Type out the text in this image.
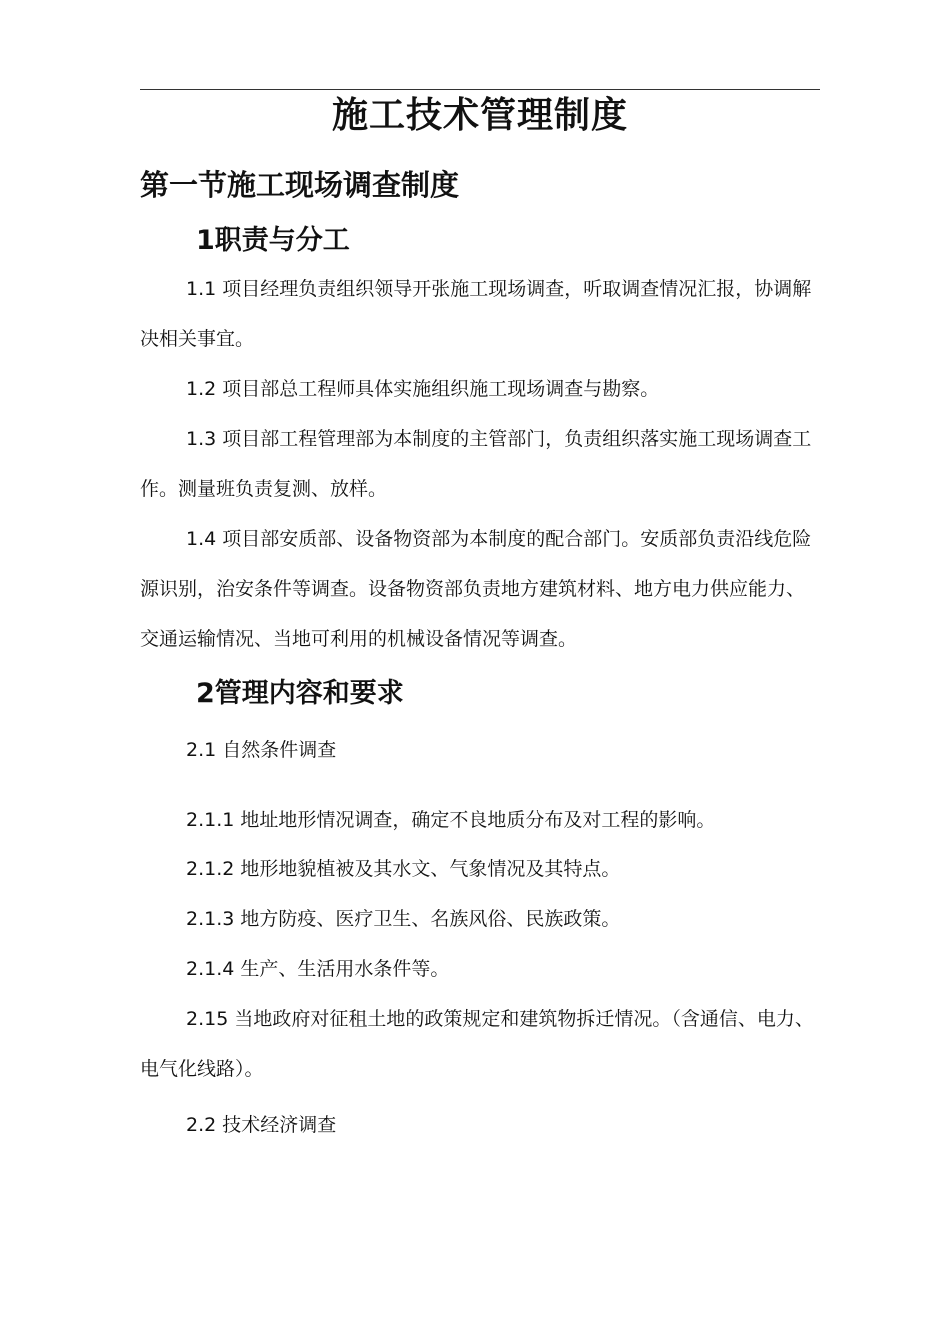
施工技术管理制度
第一节施工现场调查制度
1职责与分工
1.1 项目经理负责组织领导开张施工现场调查，听取调查情况汇报，协调解决相关事宜。
1.2 项目部总工程师具体实施组织施工现场调查与勘察。
1.3 项目部工程管理部为本制度的主管部门，负责组织落实施工现场调查工作。测量班负责复测、放样。
1.4 项目部安质部、设备物资部为本制度的配合部门。安质部负责沿线危险源识别，治安条件等调查。设备物资部负责地方建筑材料、地方电力供应能力、交通运输情况、当地可利用的机械设备情况等调查。
2管理内容和要求
2.1 自然条件调查
2.1.1 地址地形情况调查，确定不良地质分布及对工程的影响。
2.1.2 地形地貌植被及其水文、气象情况及其特点。
2.1.3 地方防疫、医疗卫生、名族风俗、民族政策。
2.1.4 生产、生活用水条件等。
2.15 当地政府对征租土地的政策规定和建筑物拆迁情况。（含通信、电力、电气化线路）。
2.2 技术经济调查
